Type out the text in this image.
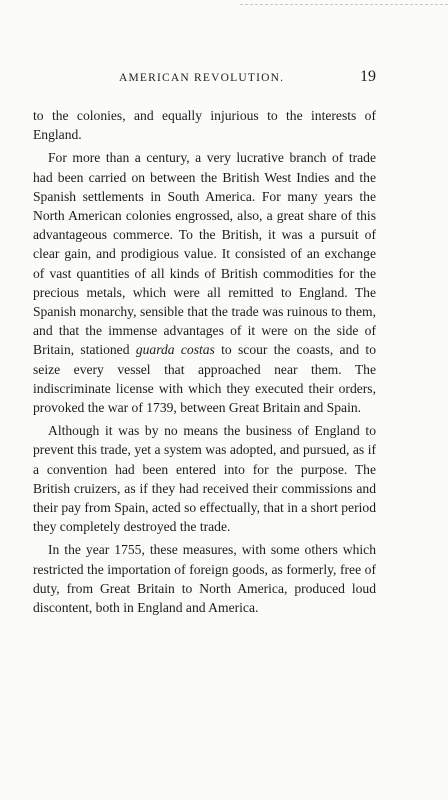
AMERICAN REVOLUTION.	19

to the colonies, and equally injurious to the interests of England.

For more than a century, a very lucrative branch of trade had been carried on between the British West Indies and the Spanish settlements in South America. For many years the North American colonies engrossed, also, a great share of this advantageous commerce. To the British, it was a pursuit of clear gain, and prodigious value. It consisted of an exchange of vast quantities of all kinds of British commodities for the precious metals, which were all remitted to England. The Spanish monarchy, sensible that the trade was ruinous to them, and that the immense advantages of it were on the side of Britain, stationed guarda costas to scour the coasts, and to seize every vessel that approached near them. The indiscriminate license with which they executed their orders, provoked the war of 1739, between Great Britain and Spain.

Although it was by no means the business of England to prevent this trade, yet a system was adopted, and pursued, as if a convention had been entered into for the purpose. The British cruizers, as if they had received their commissions and their pay from Spain, acted so effectually, that in a short period they completely destroyed the trade.

In the year 1755, these measures, with some others which restricted the importation of foreign goods, as formerly, free of duty, from Great Britain to North America, produced loud discontent, both in England and America.
